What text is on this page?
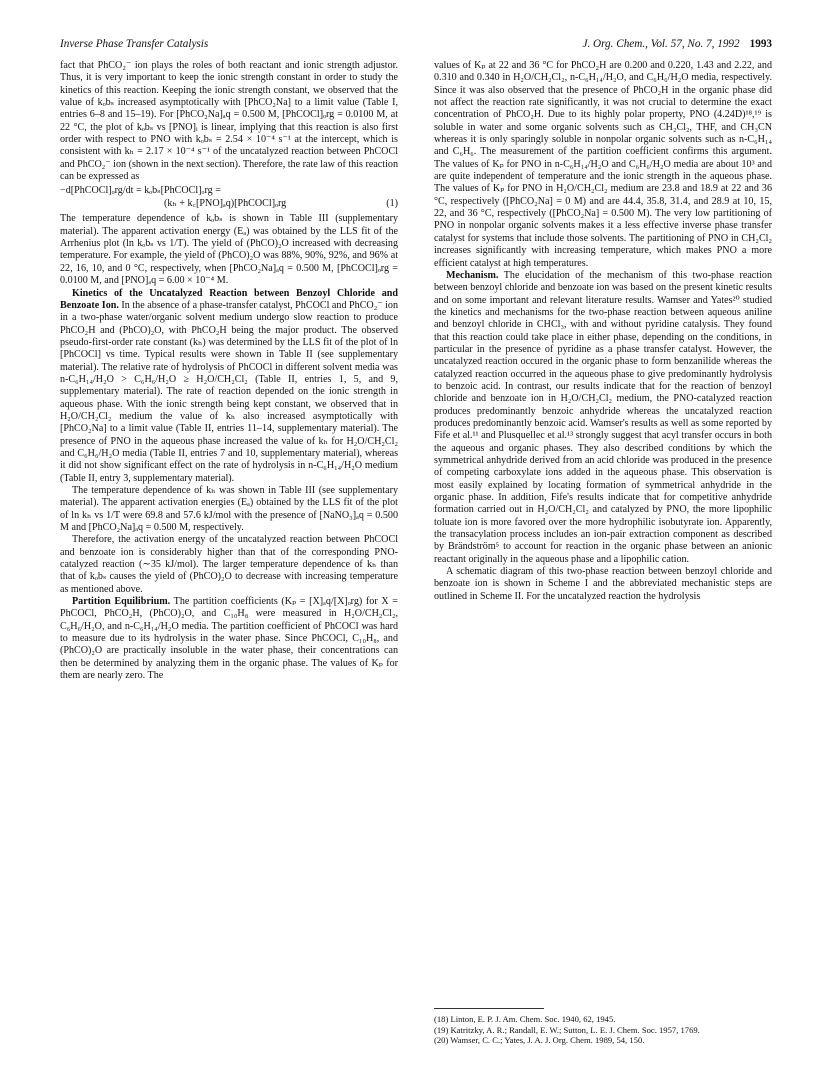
Inverse Phase Transfer Catalysis	J. Org. Chem., Vol. 57, No. 7, 1992 1993

fact that PhCO₂⁻ ion plays the roles of both reactant and ionic strength adjustor. Thus, it is very important to keep the ionic strength constant in order to study the kinetics of this reaction. Keeping the ionic strength constant, we observed that the value of kₒbₛ increased asymptotically with [PhCO₂Na] to a limit value (Table I, entries 6–8 and 15–19). For [PhCO₂Na]ₐq = 0.500 M, [PhCOCl]ₒrg = 0.0100 M, at 22 °C, the plot of kₒbₛ vs [PNO]ᵢ is linear, implying that this reaction is also first order with respect to PNO with kₒbₛ = 2.54 × 10⁻⁴ s⁻¹ at the intercept, which is consistent with kₕ = 2.17 × 10⁻⁴ s⁻¹ of the uncatalyzed reaction between PhCOCl and PhCO₂⁻ ion (shown in the next section). Therefore, the rate law of this reaction can be expressed as

−d[PhCOCl]ₒrg/dt = kₒbₛ[PhCOCl]ₒrg =
(1)
(kₕ + k꜀[PNO]ₐq)[PhCOCl]ₒrg

The temperature dependence of kₒbₛ is shown in Table III (supplementary material). The apparent activation energy (Eₐ) was obtained by the LLS fit of the Arrhenius plot (ln kₒbₛ vs 1/T). The yield of (PhCO)₂O increased with decreasing temperature. For example, the yield of (PhCO)₂O was 88%, 90%, 92%, and 96% at 22, 16, 10, and 0 °C, respectively, when [PhCO₂Na]ₐq = 0.500 M, [PhCOCl]ₒrg = 0.0100 M, and [PNO]ₐq = 6.00 × 10⁻⁴ M.

Kinetics of the Uncatalyzed Reaction between Benzoyl Chloride and Benzoate Ion. In the absence of a phase-transfer catalyst, PhCOCl and PhCO₂⁻ ion in a two-phase water/organic solvent medium undergo slow reaction to produce PhCO₂H and (PhCO)₂O, with PhCO₂H being the major product. The observed pseudo-first-order rate constant (kₕ) was determined by the LLS fit of the plot of ln [PhCOCl] vs time. Typical results were shown in Table II (see supplementary material). The relative rate of hydrolysis of PhCOCl in different solvent media was n-C₆H₁₄/H₂O > C₆H₆/H₂O ≥ H₂O/CH₂Cl₂ (Table II, entries 1, 5, and 9, supplementary material). The rate of reaction depended on the ionic strength in aqueous phase. With the ionic strength being kept constant, we observed that in H₂O/CH₂Cl₂ medium the value of kₕ also increased asymptotically with [PhCO₂Na] to a limit value (Table II, entries 11–14, supplementary material). The presence of PNO in the aqueous phase increased the value of kₕ for H₂O/CH₂Cl₂ and C₆H₆/H₂O media (Table II, entries 7 and 10, supplementary material), whereas it did not show significant effect on the rate of hydrolysis in n-C₆H₁₄/H₂O medium (Table II, entry 3, supplementary material).

The temperature dependence of kₕ was shown in Table III (see supplementary material). The apparent activation energies (Eₐ) obtained by the LLS fit of the plot of ln kₕ vs 1/T were 69.8 and 57.6 kJ/mol with the presence of [NaNO₃]ₐq = 0.500 M and [PhCO₂Na]ₐq = 0.500 M, respectively.

Therefore, the activation energy of the uncatalyzed reaction between PhCOCl and benzoate ion is considerably higher than that of the corresponding PNO-catalyzed reaction (∼35 kJ/mol). The larger temperature dependence of kₕ than that of kₒbₛ causes the yield of (PhCO)₂O to decrease with increasing temperature as mentioned above.

Partition Equilibrium. The partition coefficients (Kₚ = [X]ₐq/[X]ₒrg) for X = PhCOCl, PhCO₂H, (PhCO)₂O, and C₁₀H₈ were measured in H₂O/CH₂Cl₂, C₆H₆/H₂O, and n-C₆H₁₄/H₂O media. The partition coefficient of PhCOCl was hard to measure due to its hydrolysis in the water phase. Since PhCOCl, C₁₀H₈, and (PhCO)₂O are practically insoluble in the water phase, their concentrations can then be determined by analyzing them in the organic phase. The values of Kₚ for them are nearly zero. The

values of Kₚ at 22 and 36 °C for PhCO₂H are 0.200 and 0.220, 1.43 and 2.22, and 0.310 and 0.340 in H₂O/CH₂Cl₂, n-C₆H₁₄/H₂O, and C₆H₆/H₂O media, respectively. Since it was also observed that the presence of PhCO₂H in the organic phase did not affect the reaction rate significantly, it was not crucial to determine the exact concentration of PhCO₂H. Due to its highly polar property, PNO (4.24D)¹⁸,¹⁹ is soluble in water and some organic solvents such as CH₂Cl₂, THF, and CH₃CN whereas it is only sparingly soluble in nonpolar organic solvents such as n-C₆H₁₄ and C₆H₆. The measurement of the partition coefficient confirms this argument. The values of Kₚ for PNO in n-C₆H₁₄/H₂O and C₆H₆/H₂O media are about 10³ and are quite independent of temperature and the ionic strength in the aqueous phase. The values of Kₚ for PNO in H₂O/CH₂Cl₂ medium are 23.8 and 18.9 at 22 and 36 °C, respectively ([PhCO₂Na] = 0 M) and are 44.4, 35.8, 31.4, and 28.9 at 10, 15, 22, and 36 °C, respectively ([PhCO₂Na] = 0.500 M). The very low partitioning of PNO in nonpolar organic solvents makes it a less effective inverse phase transfer catalyst for systems that include those solvents. The partitioning of PNO in CH₂Cl₂ increases significantly with increasing temperature, which makes PNO a more efficient catalyst at high temperatures.

Mechanism. The elucidation of the mechanism of this two-phase reaction between benzoyl chloride and benzoate ion was based on the present kinetic results and on some important and relevant literature results. Wamser and Yates²⁰ studied the kinetics and mechanisms for the two-phase reaction between aqueous aniline and benzoyl chloride in CHCl₃, with and without pyridine catalysis. They found that this reaction could take place in either phase, depending on the conditions, in particular in the presence of pyridine as a phase transfer catalyst. However, the uncatalyzed reaction occured in the organic phase to form benzanilide whereas the catalyzed reaction occurred in the aqueous phase to give predominantly hydrolysis to benzoic acid. In contrast, our results indicate that for the reaction of benzoyl chloride and benzoate ion in H₂O/CH₂Cl₂ medium, the PNO-catalyzed reaction produces predominantly benzoic anhydride whereas the uncatalyzed reaction produces predominantly benzoic acid. Wamser's results as well as some reported by Fife et al.¹¹ and Plusquellec et al.¹³ strongly suggest that acyl transfer occurs in both the aqueous and organic phases. They also described conditions by which the symmetrical anhydride derived from an acid chloride was produced in the presence of competing carboxylate ions added in the aqueous phase. This observation is most easily explained by locating formation of symmetrical anhydride in the organic phase. In addition, Fife's results indicate that for competitive anhydride formation carried out in H₂O/CH₂Cl₂ and catalyzed by PNO, the more lipophilic toluate ion is more favored over the more hydrophilic isobutyrate ion. Apparently, the transacylation process includes an ion-pair extraction component as described by Brändström⁵ to account for reaction in the organic phase between an anionic reactant originally in the aqueous phase and a lipophilic cation.

A schematic diagram of this two-phase reaction between benzoyl chloride and benzoate ion is shown in Scheme I and the abbreviated mechanistic steps are outlined in Scheme II. For the uncatalyzed reaction the hydrolysis

(18) Linton, E. P. J. Am. Chem. Soc. 1940, 62, 1945.
(19) Katritzky, A. R.; Randall, E. W.; Sutton, L. E. J. Chem. Soc. 1957, 1769.
(20) Wamser, C. C.; Yates, J. A. J. Org. Chem. 1989, 54, 150.
